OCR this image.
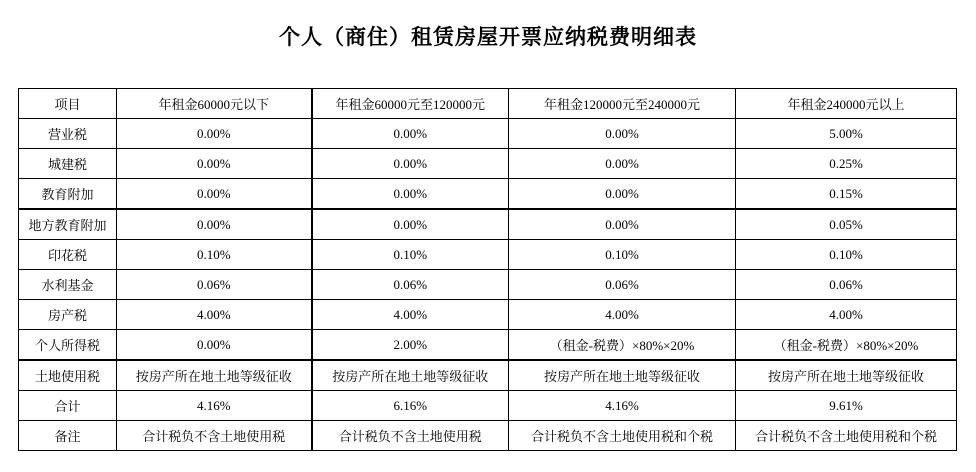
个人（商住）租赁房屋开票应纳税费明细表
项目	年租金60000元以下	年租金60000元至120000元	年租金120000元至240000元	年租金240000元以上
营业税	0.00%	0.00%	0.00%	5.00%
城建税	0.00%	0.00%	0.00%	0.25%
教育附加	0.00%	0.00%	0.00%	0.15%
地方教育附加	0.00%	0.00%	0.00%	0.05%
印花税	0.10%	0.10%	0.10%	0.10%
水利基金	0.06%	0.06%	0.06%	0.06%
房产税	4.00%	4.00%	4.00%	4.00%
个人所得税	0.00%	2.00%	（租金-税费）×80%×20%	（租金-税费）×80%×20%
土地使用税	按房产所在地土地等级征收	按房产所在地土地等级征收	按房产所在地土地等级征收	按房产所在地土地等级征收
合计	4.16%	6.16%	4.16%	9.61%
备注	合计税负不含土地使用税	合计税负不含土地使用税	合计税负不含土地使用税和个税	合计税负不含土地使用税和个税
